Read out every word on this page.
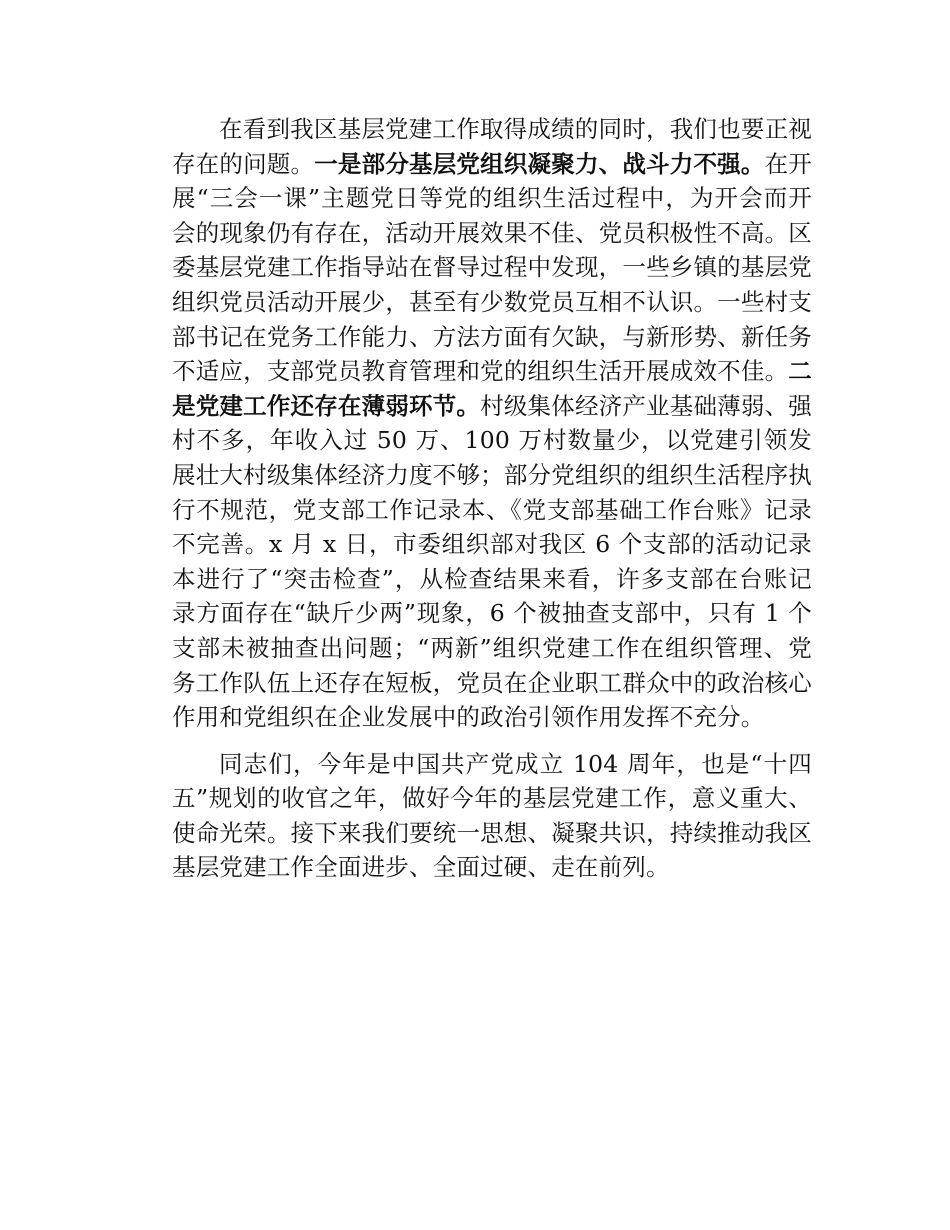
在看到我区基层党建工作取得成绩的同时，我们也要正视存在的问题。一是部分基层党组织凝聚力、战斗力不强。在开展“三会一课”主题党日等党的组织生活过程中，为开会而开会的现象仍有存在，活动开展效果不佳、党员积极性不高。区委基层党建工作指导站在督导过程中发现，一些乡镇的基层党组织党员活动开展少，甚至有少数党员互相不认识。一些村支部书记在党务工作能力、方法方面有欠缺，与新形势、新任务不适应，支部党员教育管理和党的组织生活开展成效不佳。二是党建工作还存在薄弱环节。村级集体经济产业基础薄弱、强村不多，年收入过 50 万、100 万村数量少，以党建引领发展壮大村级集体经济力度不够；部分党组织的组织生活程序执行不规范，党支部工作记录本、《党支部基础工作台账》记录不完善。x 月 x 日，市委组织部对我区 6 个支部的活动记录本进行了“突击检查”，从检查结果来看，许多支部在台账记录方面存在“缺斤少两”现象，6 个被抽查支部中，只有 1 个支部未被抽查出问题；“两新”组织党建工作在组织管理、党务工作队伍上还存在短板，党员在企业职工群众中的政治核心作用和党组织在企业发展中的政治引领作用发挥不充分。

同志们，今年是中国共产党成立 104 周年，也是“十四五”规划的收官之年，做好今年的基层党建工作，意义重大、使命光荣。接下来我们要统一思想、凝聚共识，持续推动我区基层党建工作全面进步、全面过硬、走在前列。
